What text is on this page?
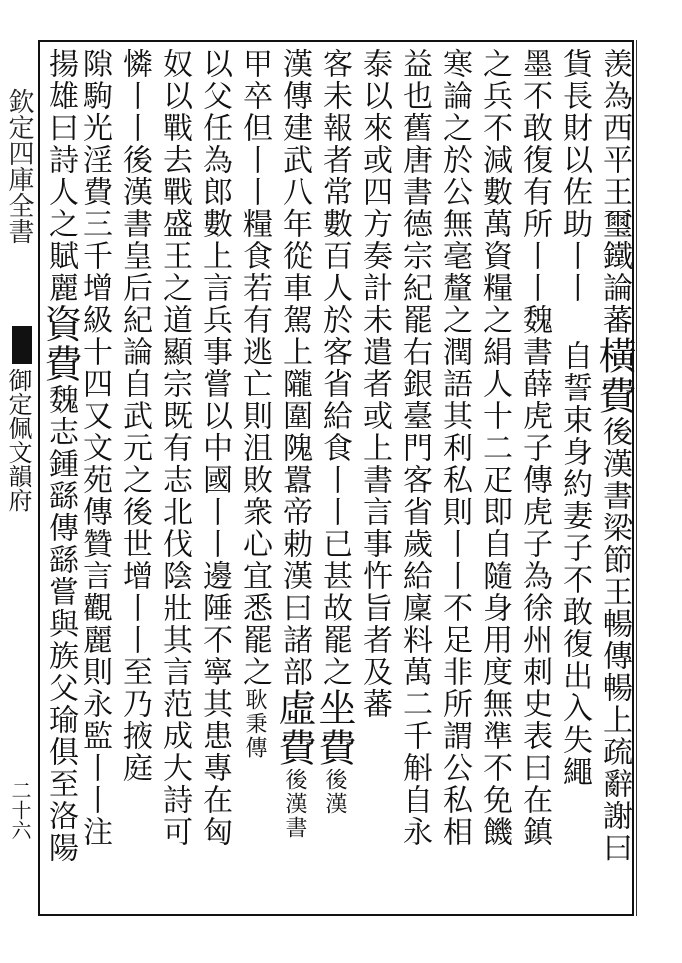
欽定四庫全書
御定佩文韻府
二十六
羡為西平王璽鐵論蕃橫費後漢書梁節王暢傳暢上疏辭謝曰
貨長財以佐助丨丨自誓束身約妻子不敢復出入失繩
墨不敢復有所丨丨魏書薛虎子傳虎子為徐州刺史表曰在鎮
之兵不減數萬資糧之絹人十二疋即自隨身用度無準不免饑
寒論之於公無毫釐之潤語其利私則丨丨不足非所謂公私相
益也舊唐書德宗紀罷右銀臺門客省歲給廩料萬二千斛自永
泰以來或四方奏計未遣者或上書言事忤旨者及蕃
客未報者常數百人於客省給食丨丨已甚故罷之坐費後漢
漢傳建武八年從車駕上隴圍隗囂帝勅漢曰諸部虛費後漢書
甲卒但丨丨糧食若有逃亡則沮敗衆心宜悉罷之耿秉傳
以父任為郎數上言兵事嘗以中國丨丨邊陲不寧其患專在匈
奴以戰去戰盛王之道顯宗既有志北伐陰壯其言范成大詩可
憐丨丨後漢書皇后紀論自武元之後世增丨丨至乃掖庭
隙駒光淫費三千增級十四又文苑傳贊言觀麗則永監丨丨注
揚雄曰詩人之賦麗資費魏志鍾繇傳繇嘗與族父瑜俱至洛陽
